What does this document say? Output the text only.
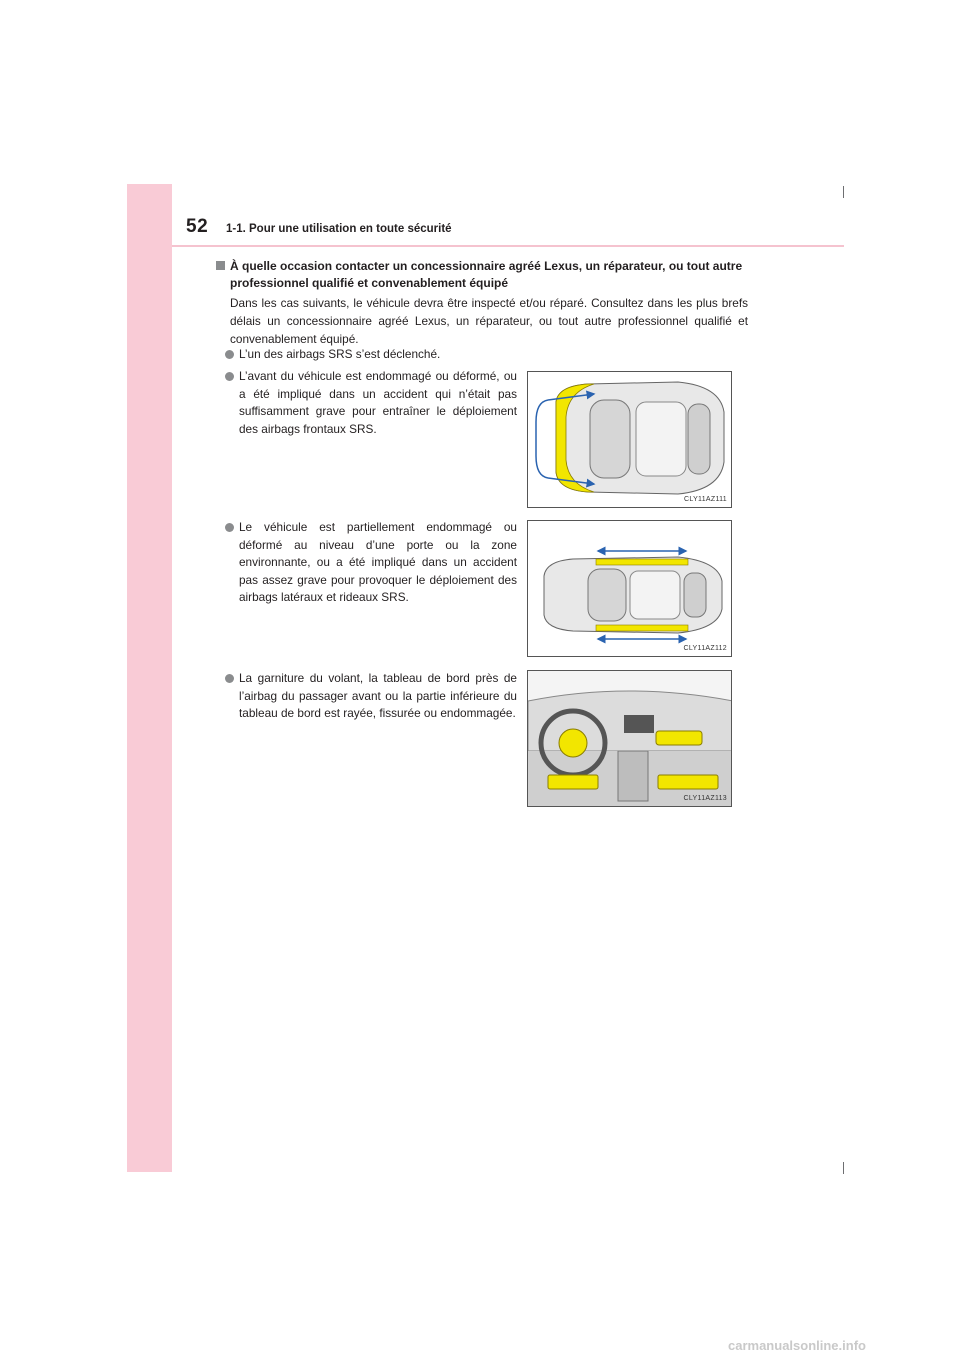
52 1-1. Pour une utilisation en toute sécurité
À quelle occasion contacter un concessionnaire agréé Lexus, un réparateur, ou tout autre professionnel qualifié et convenablement équipé
Dans les cas suivants, le véhicule devra être inspecté et/ou réparé. Consultez dans les plus brefs délais un concessionnaire agréé Lexus, un réparateur, ou tout autre professionnel qualifié et convenablement équipé.
L’un des airbags SRS s’est déclenché.
L’avant du véhicule est endommagé ou déformé, ou a été impliqué dans un accident qui n’était pas suffisamment grave pour entraîner le déploiement des airbags frontaux SRS.
Le véhicule est partiellement endommagé ou déformé au niveau d’une porte ou la zone environnante, ou a été impliqué dans un accident pas assez grave pour provoquer le déploiement des airbags latéraux et rideaux SRS.
La garniture du volant, la tableau de bord près de l’airbag du passager avant ou la partie inférieure du tableau de bord est rayée, fissurée ou endommagée.
CLY11AZ111
CLY11AZ112
CLY11AZ113
carmanualsonline.info
